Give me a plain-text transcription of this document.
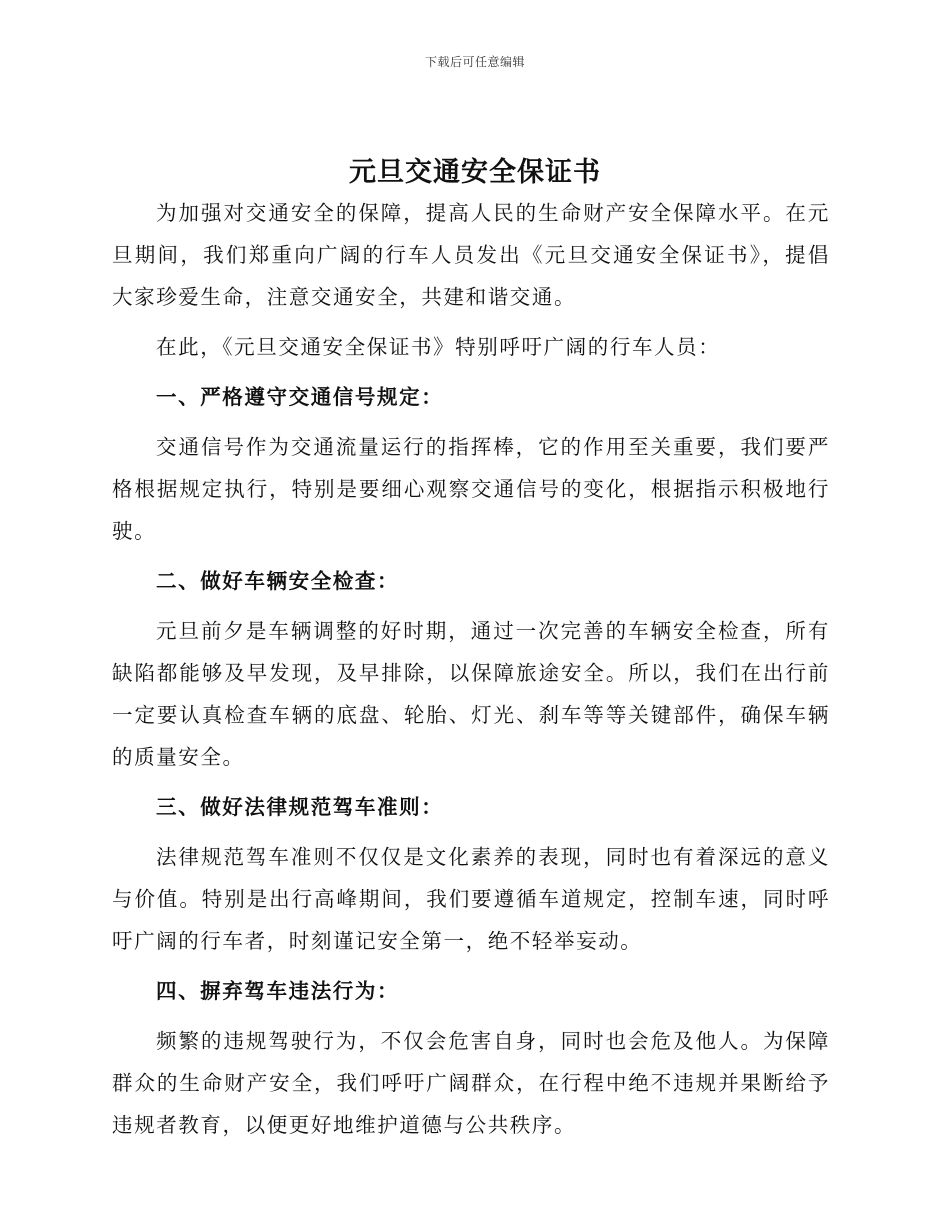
下载后可任意编辑
元旦交通安全保证书

为加强对交通安全的保障，提高人民的生命财产安全保障水平。在元旦期间，我们郑重向广阔的行车人员发出《元旦交通安全保证书》，提倡大家珍爱生命，注意交通安全，共建和谐交通。

在此，《元旦交通安全保证书》特别呼吁广阔的行车人员：

一、严格遵守交通信号规定：

交通信号作为交通流量运行的指挥棒，它的作用至关重要，我们要严格根据规定执行，特别是要细心观察交通信号的变化，根据指示积极地行驶。

二、做好车辆安全检查：

元旦前夕是车辆调整的好时期，通过一次完善的车辆安全检查，所有缺陷都能够及早发现，及早排除，以保障旅途安全。所以，我们在出行前一定要认真检查车辆的底盘、轮胎、灯光、刹车等等关键部件，确保车辆的质量安全。

三、做好法律规范驾车准则：

法律规范驾车准则不仅仅是文化素养的表现，同时也有着深远的意义与价值。特别是出行高峰期间，我们要遵循车道规定，控制车速，同时呼吁广阔的行车者，时刻谨记安全第一，绝不轻举妄动。

四、摒弃驾车违法行为：

频繁的违规驾驶行为，不仅会危害自身，同时也会危及他人。为保障群众的生命财产安全，我们呼吁广阔群众，在行程中绝不违规并果断给予违规者教育，以便更好地维护道德与公共秩序。
